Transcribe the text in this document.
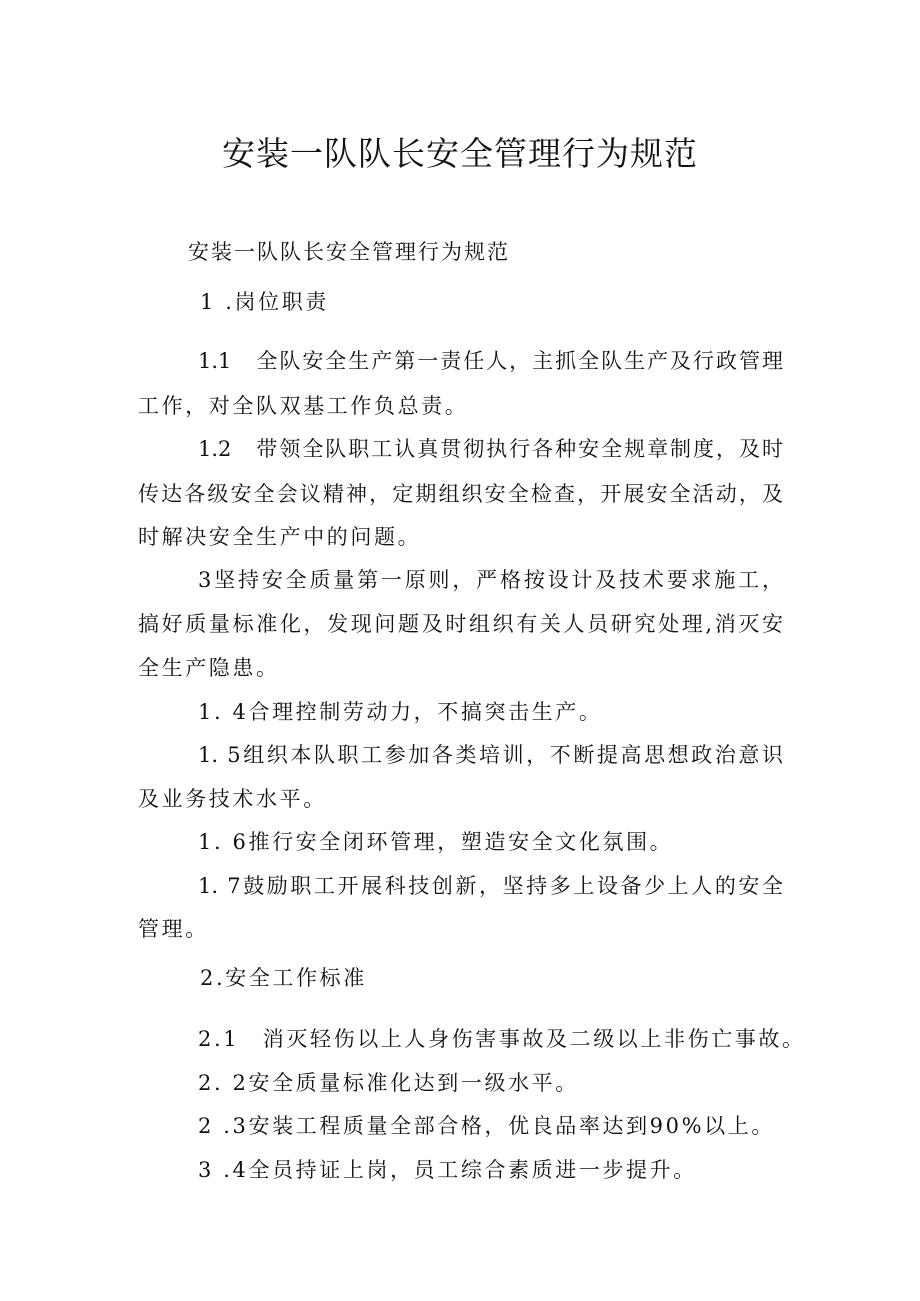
安装一队队长安全管理行为规范
安装一队队长安全管理行为规范
1 .岗位职责
1.1　全队安全生产第一责任人，主抓全队生产及行政管理
工作，对全队双基工作负总责。
1.2　带领全队职工认真贯彻执行各种安全规章制度，及时
传达各级安全会议精神，定期组织安全检查，开展安全活动，及
时解决安全生产中的问题。
3坚持安全质量第一原则，严格按设计及技术要求施工，
搞好质量标准化，发现问题及时组织有关人员研究处理,消灭安
全生产隐患。
1. 4合理控制劳动力，不搞突击生产。
1. 5组织本队职工参加各类培训，不断提高思想政治意识
及业务技术水平。
1. 6推行安全闭环管理，塑造安全文化氛围。
1. 7鼓励职工开展科技创新，坚持多上设备少上人的安全
管理。
2.安全工作标准
2.1　消灭轻伤以上人身伤害事故及二级以上非伤亡事故。
2. 2安全质量标准化达到一级水平。
2 .3安装工程质量全部合格，优良品率达到90%以上。
3 .4全员持证上岗，员工综合素质进一步提升。
